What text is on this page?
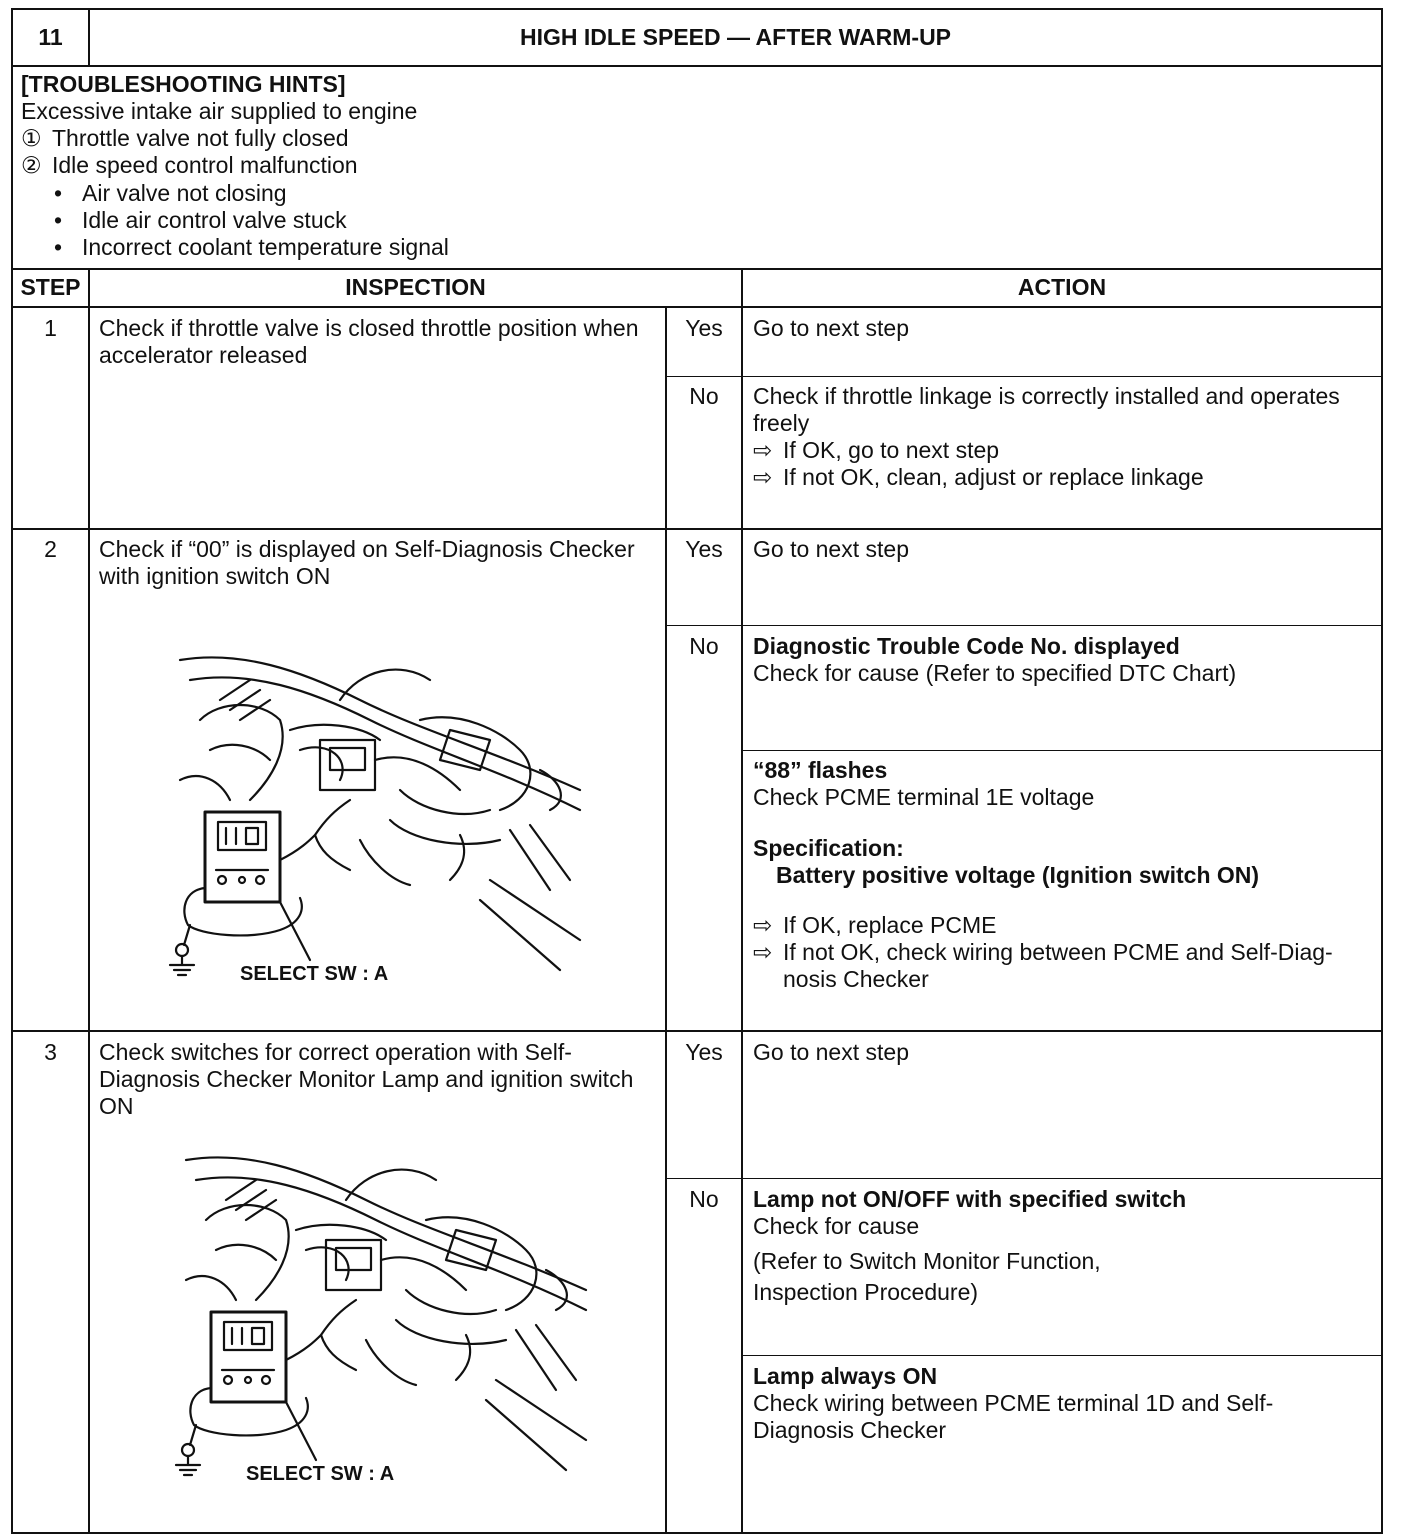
11	HIGH IDLE SPEED — AFTER WARM-UP
[TROUBLESHOOTING HINTS]
Excessive intake air supplied to engine
① Throttle valve not fully closed
② Idle speed control malfunction
• Air valve not closing
• Idle air control valve stuck
• Incorrect coolant temperature signal
STEP	INSPECTION	ACTION
1	Check if throttle valve is closed throttle position when accelerator released
Yes	Go to next step
No	Check if throttle linkage is correctly installed and operates
freely
⇨ If OK, go to next step
⇨ If not OK, clean, adjust or replace linkage
2	Check if “00” is displayed on Self-Diagnosis Checker with ignition switch ON
SELECT SW : A
Yes	Go to next step
No	Diagnostic Trouble Code No. displayed
Check for cause (Refer to specified DTC Chart)
“88” flashes
Check PCME terminal 1E voltage
Specification:
Battery positive voltage (Ignition switch ON)
⇨ If OK, replace PCME
⇨ If not OK, check wiring between PCME and Self-Diag-
nosis Checker
3	Check switches for correct operation with Self-Diagnosis Checker Monitor Lamp and ignition switch ON
SELECT SW : A
Yes	Go to next step
No	Lamp not ON/OFF with specified switch
Check for cause
(Refer to Switch Monitor Function, Inspection Procedure)
Lamp always ON
Check wiring between PCME terminal 1D and Self-Diagnosis Checker
